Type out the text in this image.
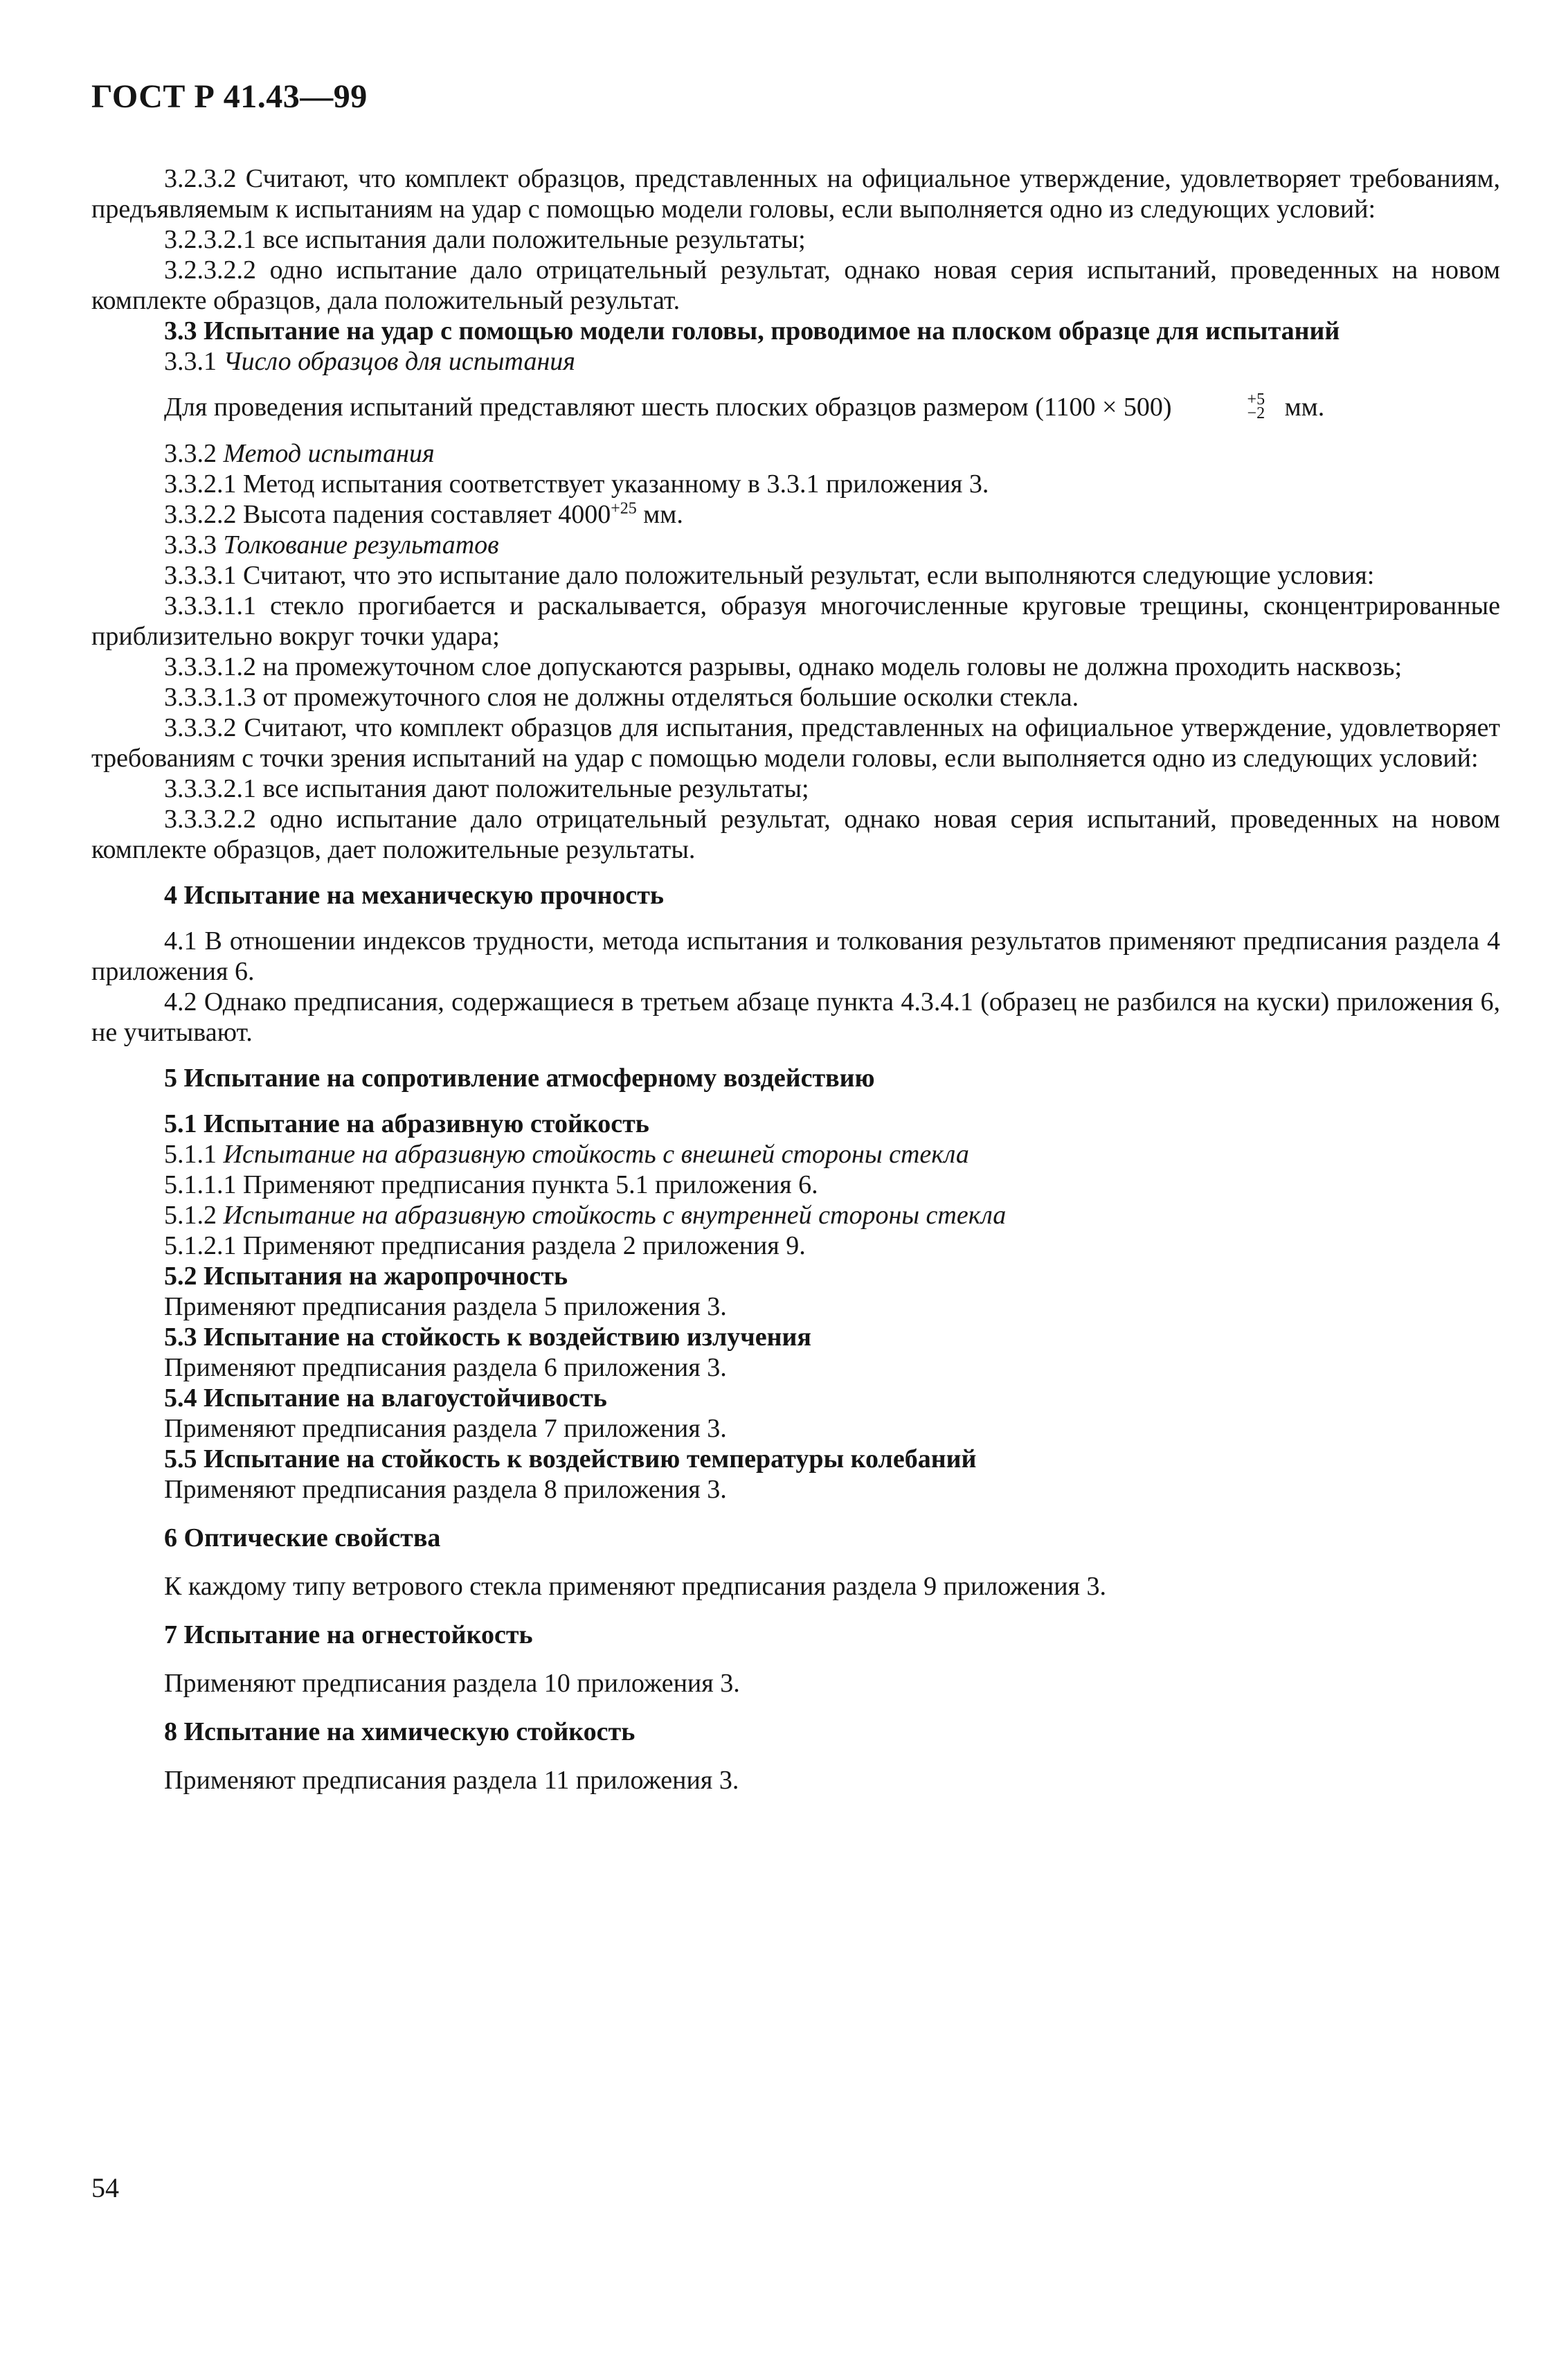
ГОСТ Р 41.43—99

3.2.3.2 Считают, что комплект образцов, представленных на официальное утверждение, удовлетворяет требованиям, предъявляемым к испытаниям на удар с помощью модели головы, если выполняется одно из следующих условий:

3.2.3.2.1 все испытания дали положительные результаты;

3.2.3.2.2 одно испытание дало отрицательный результат, однако новая серия испытаний, проведенных на новом комплекте образцов, дала положительный результат.

3.3 Испытание на удар с помощью модели головы, проводимое на плоском образце для испытаний

3.3.1 Число образцов для испытания

Для проведения испытаний представляют шесть плоских образцов размером (1100 × 500)	+5
−2 мм.

3.3.2 Метод испытания

3.3.2.1 Метод испытания соответствует указанному в 3.3.1 приложения 3.

3.3.2.2 Высота падения составляет $4000^{+25}$ мм.

3.3.3 Толкование результатов

3.3.3.1 Считают, что это испытание дало положительный результат, если выполняются следующие условия:

3.3.3.1.1 стекло прогибается и раскалывается, образуя многочисленные круговые трещины, сконцентрированные приблизительно вокруг точки удара;

3.3.3.1.2 на промежуточном слое допускаются разрывы, однако модель головы не должна проходить насквозь;

3.3.3.1.3 от промежуточного слоя не должны отделяться большие осколки стекла.

3.3.3.2 Считают, что комплект образцов для испытания, представленных на официальное утверждение, удовлетворяет требованиям с точки зрения испытаний на удар с помощью модели головы, если выполняется одно из следующих условий:

3.3.3.2.1 все испытания дают положительные результаты;

3.3.3.2.2 одно испытание дало отрицательный результат, однако новая серия испытаний, проведенных на новом комплекте образцов, дает положительные результаты.

4 Испытание на механическую прочность

4.1 В отношении индексов трудности, метода испытания и толкования результатов применяют предписания раздела 4 приложения 6.

4.2 Однако предписания, содержащиеся в третьем абзаце пункта 4.3.4.1 (образец не разбился на куски) приложения 6, не учитывают.

5 Испытание на сопротивление атмосферному воздействию
5.1 Испытание на абразивную стойкость

5.1.1 Испытание на абразивную стойкость с внешней стороны стекла

5.1.1.1 Применяют предписания пункта 5.1 приложения 6.

5.1.2 Испытание на абразивную стойкость с внутренней стороны стекла

5.1.2.1 Применяют предписания раздела 2 приложения 9.

5.2 Испытания на жаропрочность

Применяют предписания раздела 5 приложения 3.

5.3 Испытание на стойкость к воздействию излучения

Применяют предписания раздела 6 приложения 3.

5.4 Испытание на влагоустойчивость

Применяют предписания раздела 7 приложения 3.

5.5 Испытание на стойкость к воздействию температуры колебаний

Применяют предписания раздела 8 приложения 3.

6 Оптические свойства

К каждому типу ветрового стекла применяют предписания раздела 9 приложения 3.

7 Испытание на огнестойкость

Применяют предписания раздела 10 приложения 3.

8 Испытание на химическую стойкость

Применяют предписания раздела 11 приложения 3.

54
